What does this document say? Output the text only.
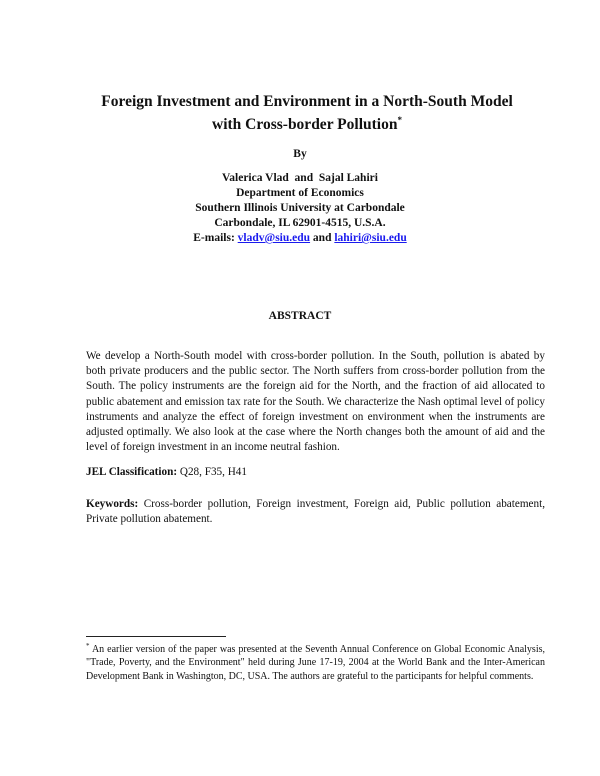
Foreign Investment and Environment in a North-South Model
with Cross-border Pollution*
By
Valerica Vlad  and  Sajal Lahiri
Department of Economics
Southern Illinois University at Carbondale
Carbondale, IL 62901-4515, U.S.A.
E-mails: vladv@siu.edu and lahiri@siu.edu
ABSTRACT
We develop a North-South model with cross-border pollution. In the South, pollution is abated by both private producers and the public sector. The North suffers from cross-border pollution from the South. The policy instruments are the foreign aid for the North, and the fraction of aid allocated to public abatement and emission tax rate for the South. We characterize the Nash optimal level of policy instruments and analyze the effect of foreign investment on environment when the instruments are adjusted optimally. We also look at the case where the North changes both the amount of aid and the level of foreign investment in an income neutral fashion.
JEL Classification: Q28, F35, H41
Keywords: Cross-border pollution, Foreign investment, Foreign aid, Public pollution abatement, Private pollution abatement.
* An earlier version of the paper was presented at the Seventh Annual Conference on Global Economic Analysis, "Trade, Poverty, and the Environment" held during June 17-19, 2004 at the World Bank and the Inter-American Development Bank in Washington, DC, USA. The authors are grateful to the participants for helpful comments.
